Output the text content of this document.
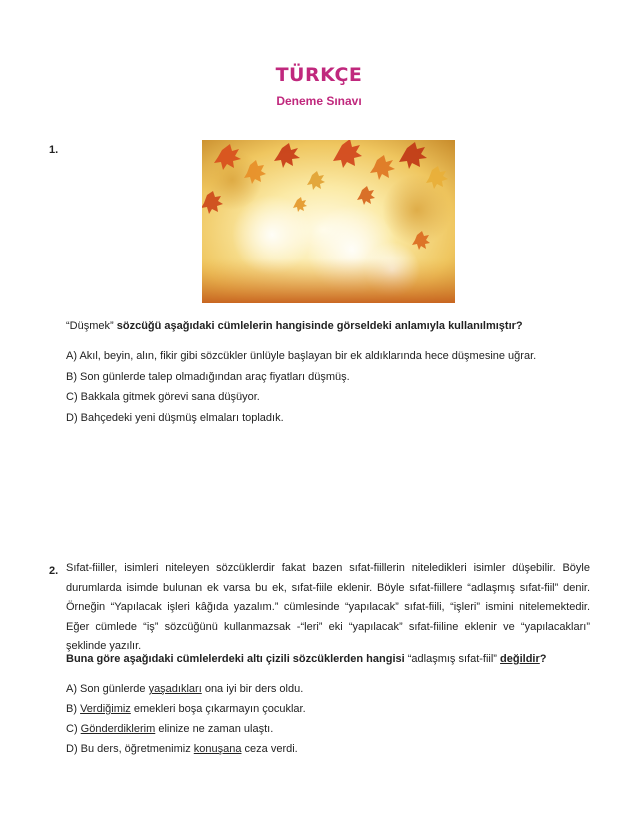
TÜRKÇE
Deneme Sınavı
1.
“Düşmek” sözcüğü aşağıdaki cümlelerin hangisinde görseldeki anlamıyla kullanılmıştır?
A) Akıl, beyin, alın, fikir gibi sözcükler ünlüyle başlayan bir ek aldıklarında hece düşmesine uğrar.
B) Son günlerde talep olmadığından araç fiyatları düşmüş.
C) Bakkala gitmek görevi sana düşüyor.
D) Bahçedeki yeni düşmüş elmaları topladık.
2. Sıfat-fiiller, isimleri niteleyen sözcüklerdir fakat bazen sıfat-fiillerin niteledikleri isimler düşebilir. Böyle durumlarda isimde bulunan ek varsa bu ek, sıfat-fiile eklenir. Böyle sıfat-fiillere “adlaşmış sıfat-fiil” denir. Örneğin “Yapılacak işleri kâğıda yazalım.” cümlesinde “yapılacak” sıfat-fiili, “işleri” ismini nitelemektedir. Eğer cümlede “iş” sözcüğünü kullanmazsak -“leri” eki “yapılacak” sıfat-fiiline eklenir ve “yapılacakları” şeklinde yazılır.
Buna göre aşağıdaki cümlelerdeki altı çizili sözcüklerden hangisi “adlaşmış sıfat-fiil” değildir?
A) Son günlerde yaşadıkları ona iyi bir ders oldu.
B) Verdiğimiz emekleri boşa çıkarmayın çocuklar.
C) Gönderdiklerim elinize ne zaman ulaştı.
D) Bu ders, öğretmenimiz konuşana ceza verdi.
